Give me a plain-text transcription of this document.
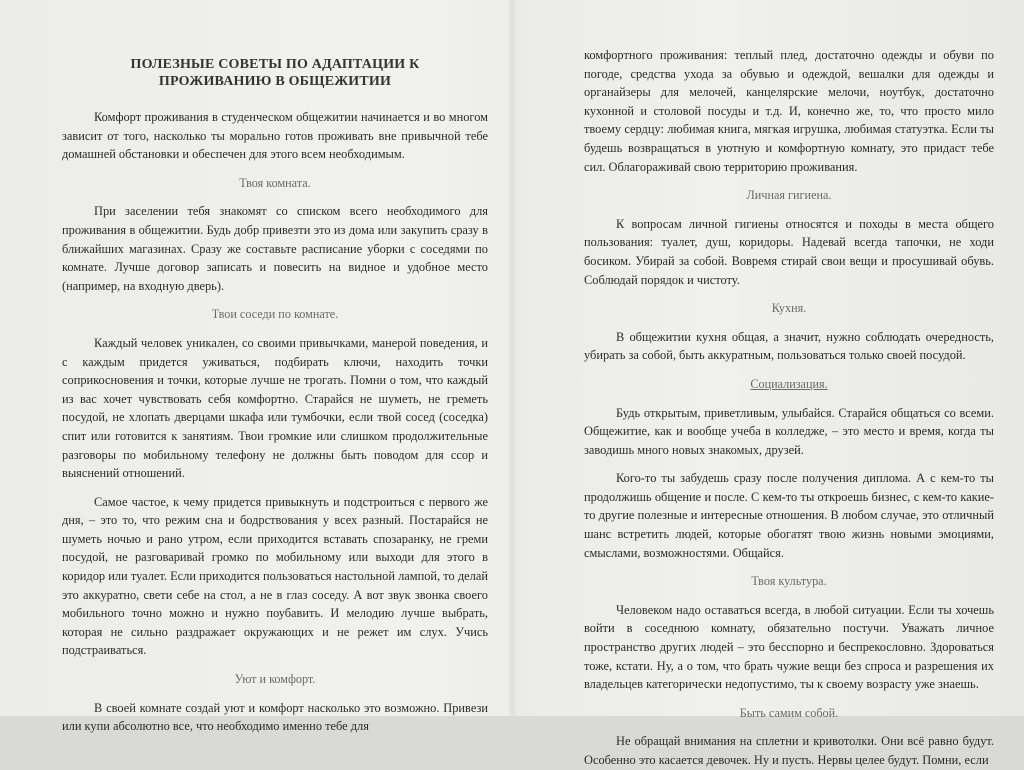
ПОЛЕЗНЫЕ СОВЕТЫ ПО АДАПТАЦИИ К
ПРОЖИВАНИЮ В ОБЩЕЖИТИИ

Комфорт проживания в студенческом общежитии начинается и во многом зависит от того, насколько ты морально готов проживать вне привычной тебе домашней обстановки и обеспечен для этого всем необходимым.

Твоя комната.

При заселении тебя знакомят со списком всего необходимого для проживания в общежитии. Будь добр привезти это из дома или закупить сразу в ближайших магазинах. Сразу же составьте расписание уборки с соседями по комнате. Лучше договор записать и повесить на видное и удобное место (например, на входную дверь).

Твои соседи по комнате.

Каждый человек уникален, со своими привычками, манерой поведения, и с каждым придется уживаться, подбирать ключи, находить точки соприкосновения и точки, которые лучше не трогать. Помни о том, что каждый из вас хочет чувствовать себя комфортно. Старайся не шуметь, не греметь посудой, не хлопать дверцами шкафа или тумбочки, если твой сосед (соседка) спит или готовится к занятиям. Твои громкие или слишком продолжительные разговоры по мобильному телефону не должны быть поводом для ссор и выяснений отношений.

Самое частое, к чему придется привыкнуть и подстроиться с первого же дня, – это то, что режим сна и бодрствования у всех разный. Постарайся не шуметь ночью и рано утром, если приходится вставать спозаранку, не греми посудой, не разговаривай громко по мобильному или выходи для этого в коридор или туалет. Если приходится пользоваться настольной лампой, то делай это аккуратно, свети себе на стол, а не в глаз соседу. А вот звук звонка своего мобильного точно можно и нужно поубавить. И мелодию лучше выбрать, которая не сильно раздражает окружающих и не режет им слух. Учись подстраиваться.

Уют и комфорт.

В своей комнате создай уют и комфорт насколько это возможно. Привези или купи абсолютно все, что необходимо именно тебе для

комфортного проживания: теплый плед, достаточно одежды и обуви по погоде, средства ухода за обувью и одеждой, вешалки для одежды и органайзеры для мелочей, канцелярские мелочи, ноутбук, достаточно кухонной и столовой посуды и т.д. И, конечно же, то, что просто мило твоему сердцу: любимая книга, мягкая игрушка, любимая статуэтка. Если ты будешь возвращаться в уютную и комфортную комнату, это придаст тебе сил. Облагораживай свою территорию проживания.

Личная гигиена.

К вопросам личной гигиены относятся и походы в места общего пользования: туалет, душ, коридоры. Надевай всегда тапочки, не ходи босиком. Убирай за собой. Вовремя стирай свои вещи и просушивай обувь. Соблюдай порядок и чистоту.

Кухня.

В общежитии кухня общая, а значит, нужно соблюдать очередность, убирать за собой, быть аккуратным, пользоваться только своей посудой.

Социализация.

Будь открытым, приветливым, улыбайся. Старайся общаться со всеми. Общежитие, как и вообще учеба в колледже, – это место и время, когда ты заводишь много новых знакомых, друзей.

Кого-то ты забудешь сразу после получения диплома. А с кем-то ты продолжишь общение и после. С кем-то ты откроешь бизнес, с кем-то какие-то другие полезные и интересные отношения. В любом случае, это отличный шанс встретить людей, которые обогатят твою жизнь новыми эмоциями, смыслами, возможностями. Общайся.

Твоя культура.

Человеком надо оставаться всегда, в любой ситуации. Если ты хочешь войти в соседнюю комнату, обязательно постучи. Уважать личное пространство других людей – это бесспорно и беспрекословно. Здороваться тоже, кстати. Ну, а о том, что брать чужие вещи без спроса и разрешения их владельцев категорически недопустимо, ты к своему возрасту уже знаешь.

Быть самим собой.

Не обращай внимания на сплетни и кривотолки. Они всё равно будут. Особенно это касается девочек. Ну и пусть. Нервы целее будут. Помни, если
